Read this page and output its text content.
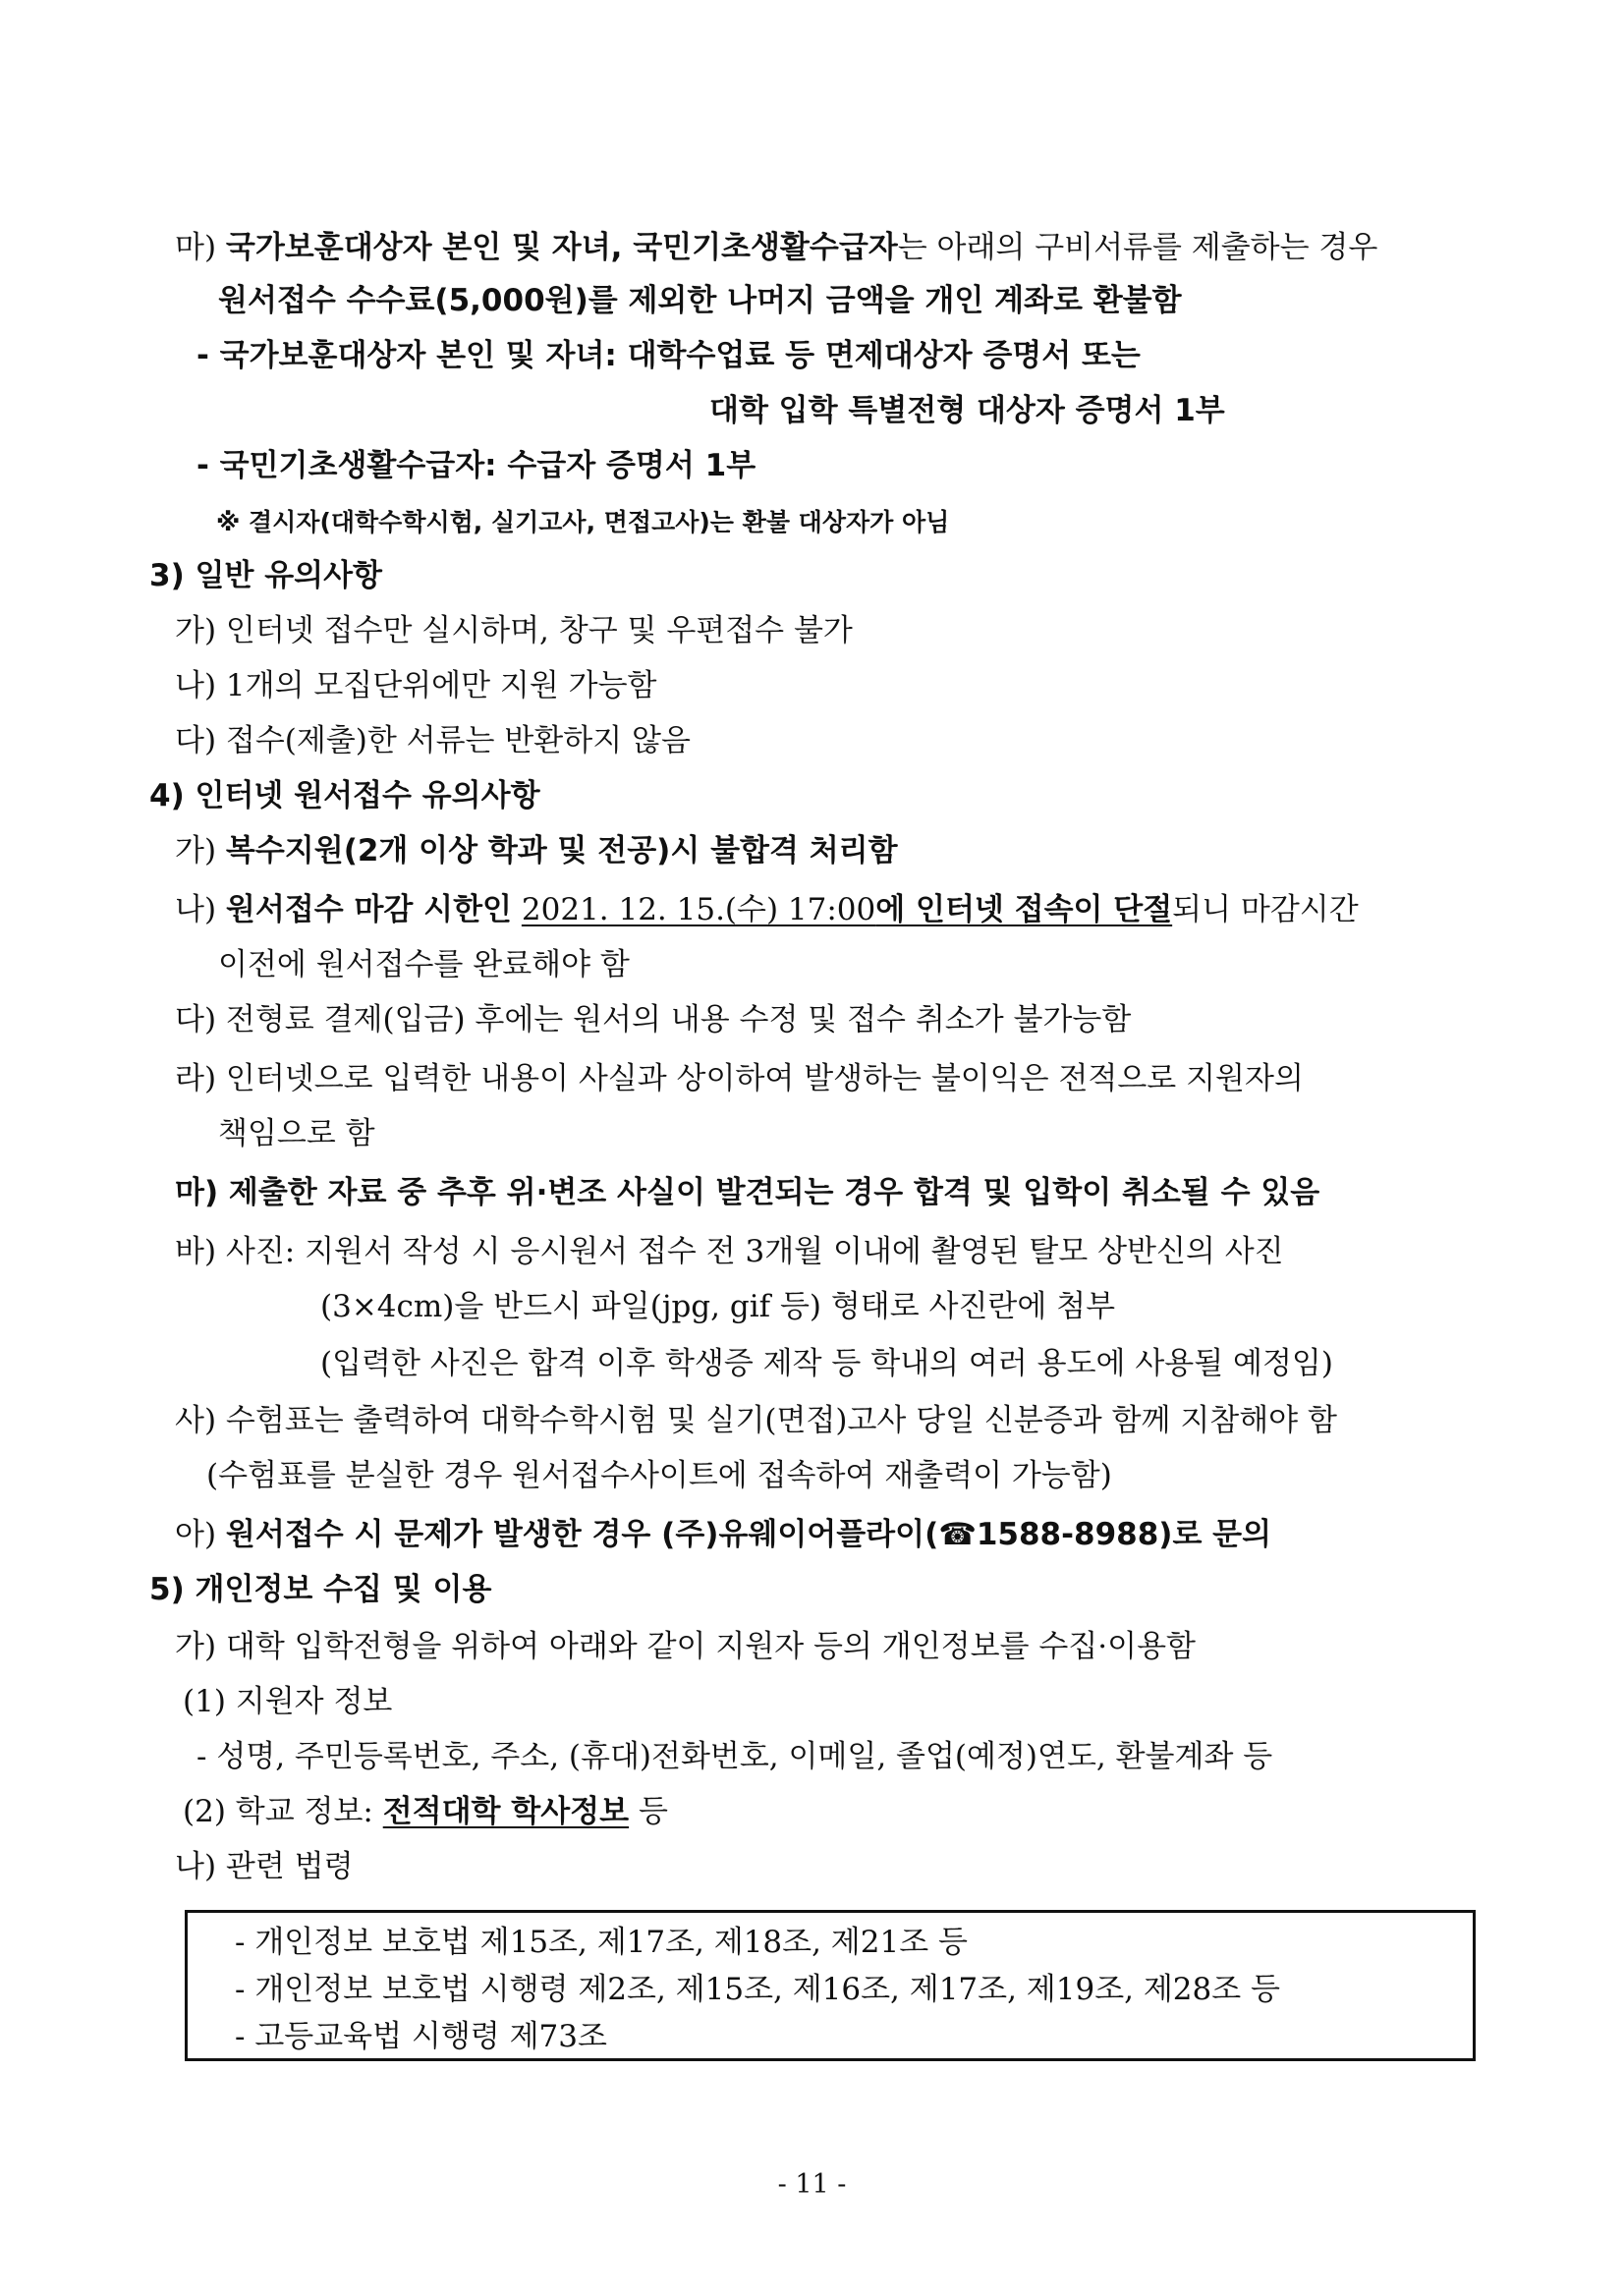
마) 국가보훈대상자 본인 및 자녀, 국민기초생활수급자는 아래의 구비서류를 제출하는 경우
원서접수 수수료(5,000원)를 제외한 나머지 금액을 개인 계좌로 환불함
- 국가보훈대상자 본인 및 자녀: 대학수업료 등 면제대상자 증명서 또는
대학 입학 특별전형 대상자 증명서 1부
- 국민기초생활수급자: 수급자 증명서 1부
※ 결시자(대학수학시험, 실기고사, 면접고사)는 환불 대상자가 아님
3) 일반 유의사항
가) 인터넷 접수만 실시하며, 창구 및 우편접수 불가
나) 1개의 모집단위에만 지원 가능함
다) 접수(제출)한 서류는 반환하지 않음
4) 인터넷 원서접수 유의사항
가) 복수지원(2개 이상 학과 및 전공)시 불합격 처리함
나) 원서접수 마감 시한인 2021. 12. 15.(수) 17:00에 인터넷 접속이 단절되니 마감시간
이전에 원서접수를 완료해야 함
다) 전형료 결제(입금) 후에는 원서의 내용 수정 및 접수 취소가 불가능함
라) 인터넷으로 입력한 내용이 사실과 상이하여 발생하는 불이익은 전적으로 지원자의
책임으로 함
마) 제출한 자료 중 추후 위·변조 사실이 발견되는 경우 합격 및 입학이 취소될 수 있음
바) 사진: 지원서 작성 시 응시원서 접수 전 3개월 이내에 촬영된 탈모 상반신의 사진
(3×4cm)을 반드시 파일(jpg, gif 등) 형태로 사진란에 첨부
(입력한 사진은 합격 이후 학생증 제작 등 학내의 여러 용도에 사용될 예정임)
사) 수험표는 출력하여 대학수학시험 및 실기(면접)고사 당일 신분증과 함께 지참해야 함
(수험표를 분실한 경우 원서접수사이트에 접속하여 재출력이 가능함)
아) 원서접수 시 문제가 발생한 경우 (주)유웨이어플라이(☎1588-8988)로 문의
5) 개인정보 수집 및 이용
가) 대학 입학전형을 위하여 아래와 같이 지원자 등의 개인정보를 수집·이용함
(1) 지원자 정보
- 성명, 주민등록번호, 주소, (휴대)전화번호, 이메일, 졸업(예정)연도, 환불계좌 등
(2) 학교 정보: 전적대학 학사정보 등
나) 관련 법령
- 개인정보 보호법 제15조, 제17조, 제18조, 제21조 등
- 개인정보 보호법 시행령 제2조, 제15조, 제16조, 제17조, 제19조, 제28조 등
- 고등교육법 시행령 제73조
- 11 -
